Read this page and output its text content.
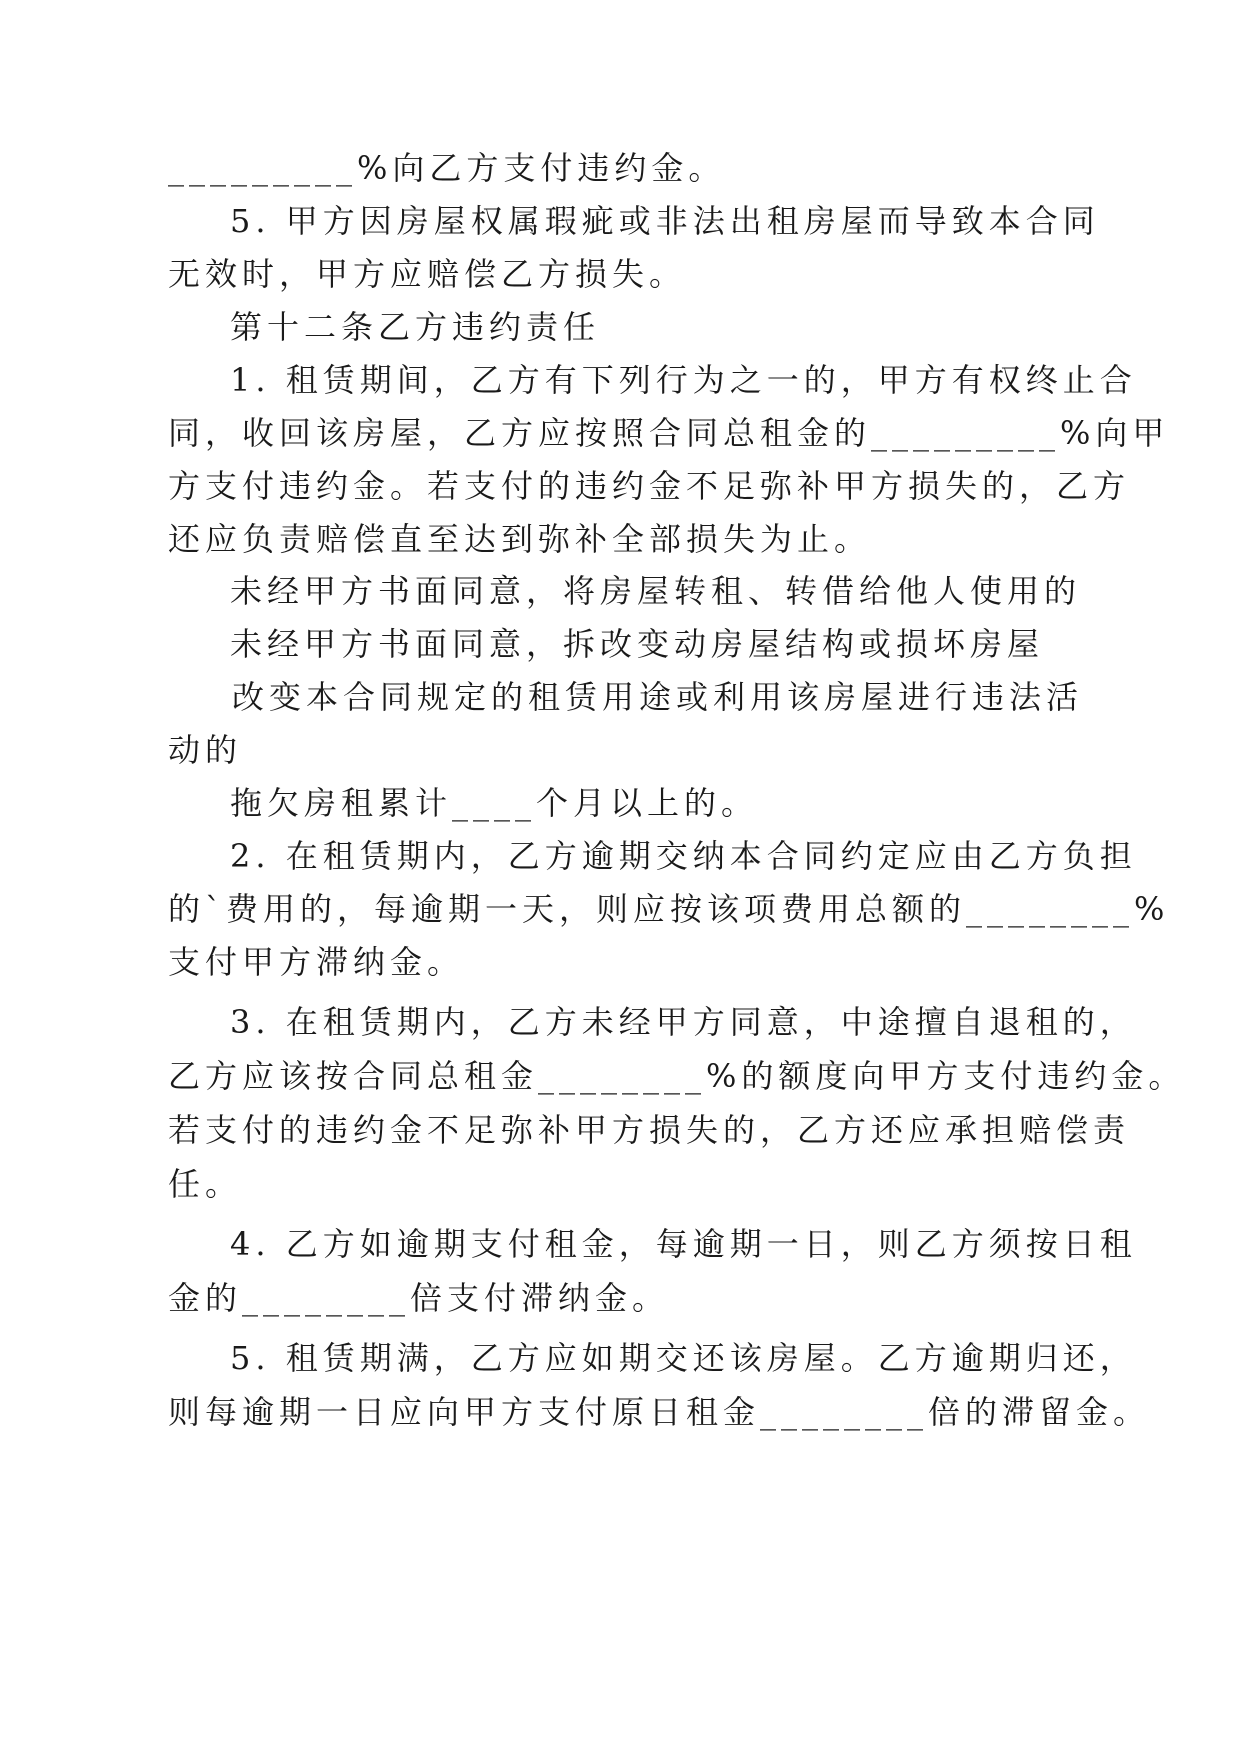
_________%向乙方支付违约金。
5. 甲方因房屋权属瑕疵或非法出租房屋而导致本合同
无效时，甲方应赔偿乙方损失。
第十二条乙方违约责任
1. 租赁期间，乙方有下列行为之一的，甲方有权终止合
同，收回该房屋，乙方应按照合同总租金的_________%向甲
方支付违约金。若支付的违约金不足弥补甲方损失的，乙方
还应负责赔偿直至达到弥补全部损失为止。
未经甲方书面同意，将房屋转租、转借给他人使用的
未经甲方书面同意，拆改变动房屋结构或损坏房屋
改变本合同规定的租赁用途或利用该房屋进行违法活
动的
拖欠房租累计____个月以上的。
2. 在租赁期内，乙方逾期交纳本合同约定应由乙方负担
的`费用的，每逾期一天，则应按该项费用总额的________%
支付甲方滞纳金。
3. 在租赁期内，乙方未经甲方同意，中途擅自退租的，
乙方应该按合同总租金________%的额度向甲方支付违约金。
若支付的违约金不足弥补甲方损失的，乙方还应承担赔偿责
任。
4. 乙方如逾期支付租金，每逾期一日，则乙方须按日租
金的________倍支付滞纳金。
5. 租赁期满，乙方应如期交还该房屋。乙方逾期归还，
则每逾期一日应向甲方支付原日租金________倍的滞留金。
